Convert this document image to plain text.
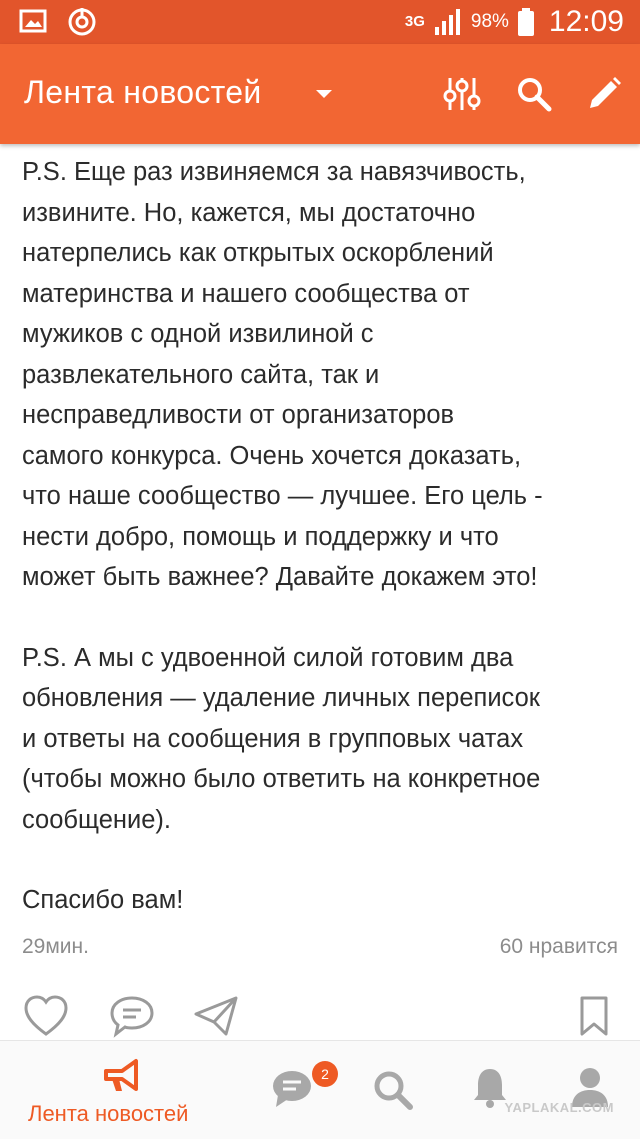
3G 98% 12:09
Лента новостей

P.S. Еще раз извиняемся за навязчивость,
извините. Но, кажется, мы достаточно
натерпелись как открытых оскорблений
материнства и нашего сообщества от
мужиков с одной извилиной с
развлекательного сайта, так и
несправедливости от организаторов
самого конкурса. Очень хочется доказать,
что наше сообщество — лучшее. Его цель -
нести добро, помощь и поддержку и что
может быть важнее? Давайте докажем это!

P.S. А мы с удвоенной силой готовим два
обновления — удаление личных переписок
и ответы на сообщения в групповых чатах
(чтобы можно было ответить на конкретное
сообщение).

Спасибо вам!

29мин.	60 нравится
Лента новостей
2
YAPLAKAL.COM
